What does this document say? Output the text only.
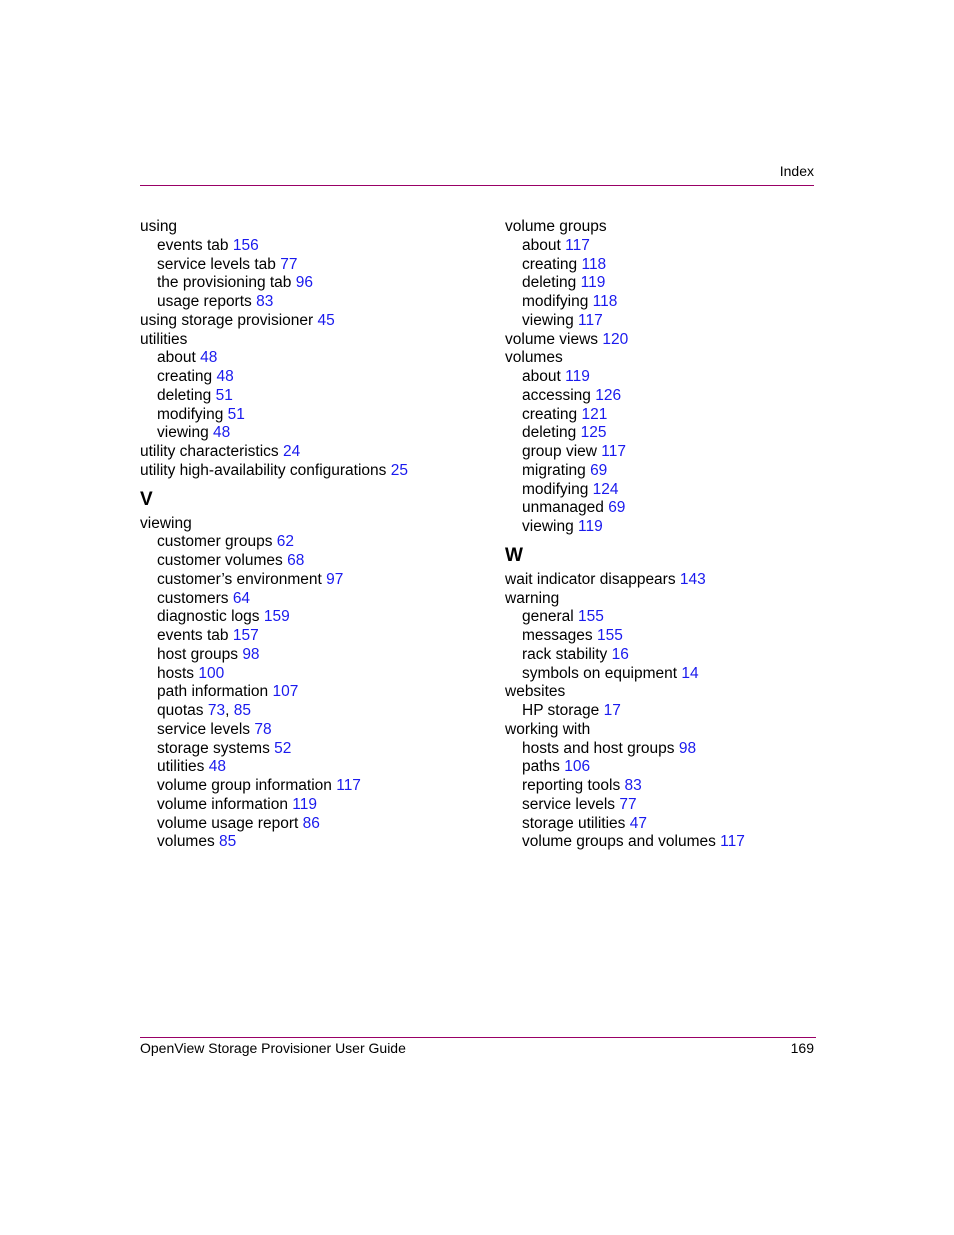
Index
using
events tab 156
service levels tab 77
the provisioning tab 96
usage reports 83
using storage provisioner 45
utilities
about 48
creating 48
deleting 51
modifying 51
viewing 48
utility characteristics 24
utility high-availability configurations 25
V
viewing
customer groups 62
customer volumes 68
customer’s environment 97
customers 64
diagnostic logs 159
events tab 157
host groups 98
hosts 100
path information 107
quotas 73, 85
service levels 78
storage systems 52
utilities 48
volume group information 117
volume information 119
volume usage report 86
volumes 85
volume groups
about 117
creating 118
deleting 119
modifying 118
viewing 117
volume views 120
volumes
about 119
accessing 126
creating 121
deleting 125
group view 117
migrating 69
modifying 124
unmanaged 69
viewing 119
W
wait indicator disappears 143
warning
general 155
messages 155
rack stability 16
symbols on equipment 14
websites
HP storage 17
working with
hosts and host groups 98
paths 106
reporting tools 83
service levels 77
storage utilities 47
volume groups and volumes 117
OpenView Storage Provisioner User Guide	169
